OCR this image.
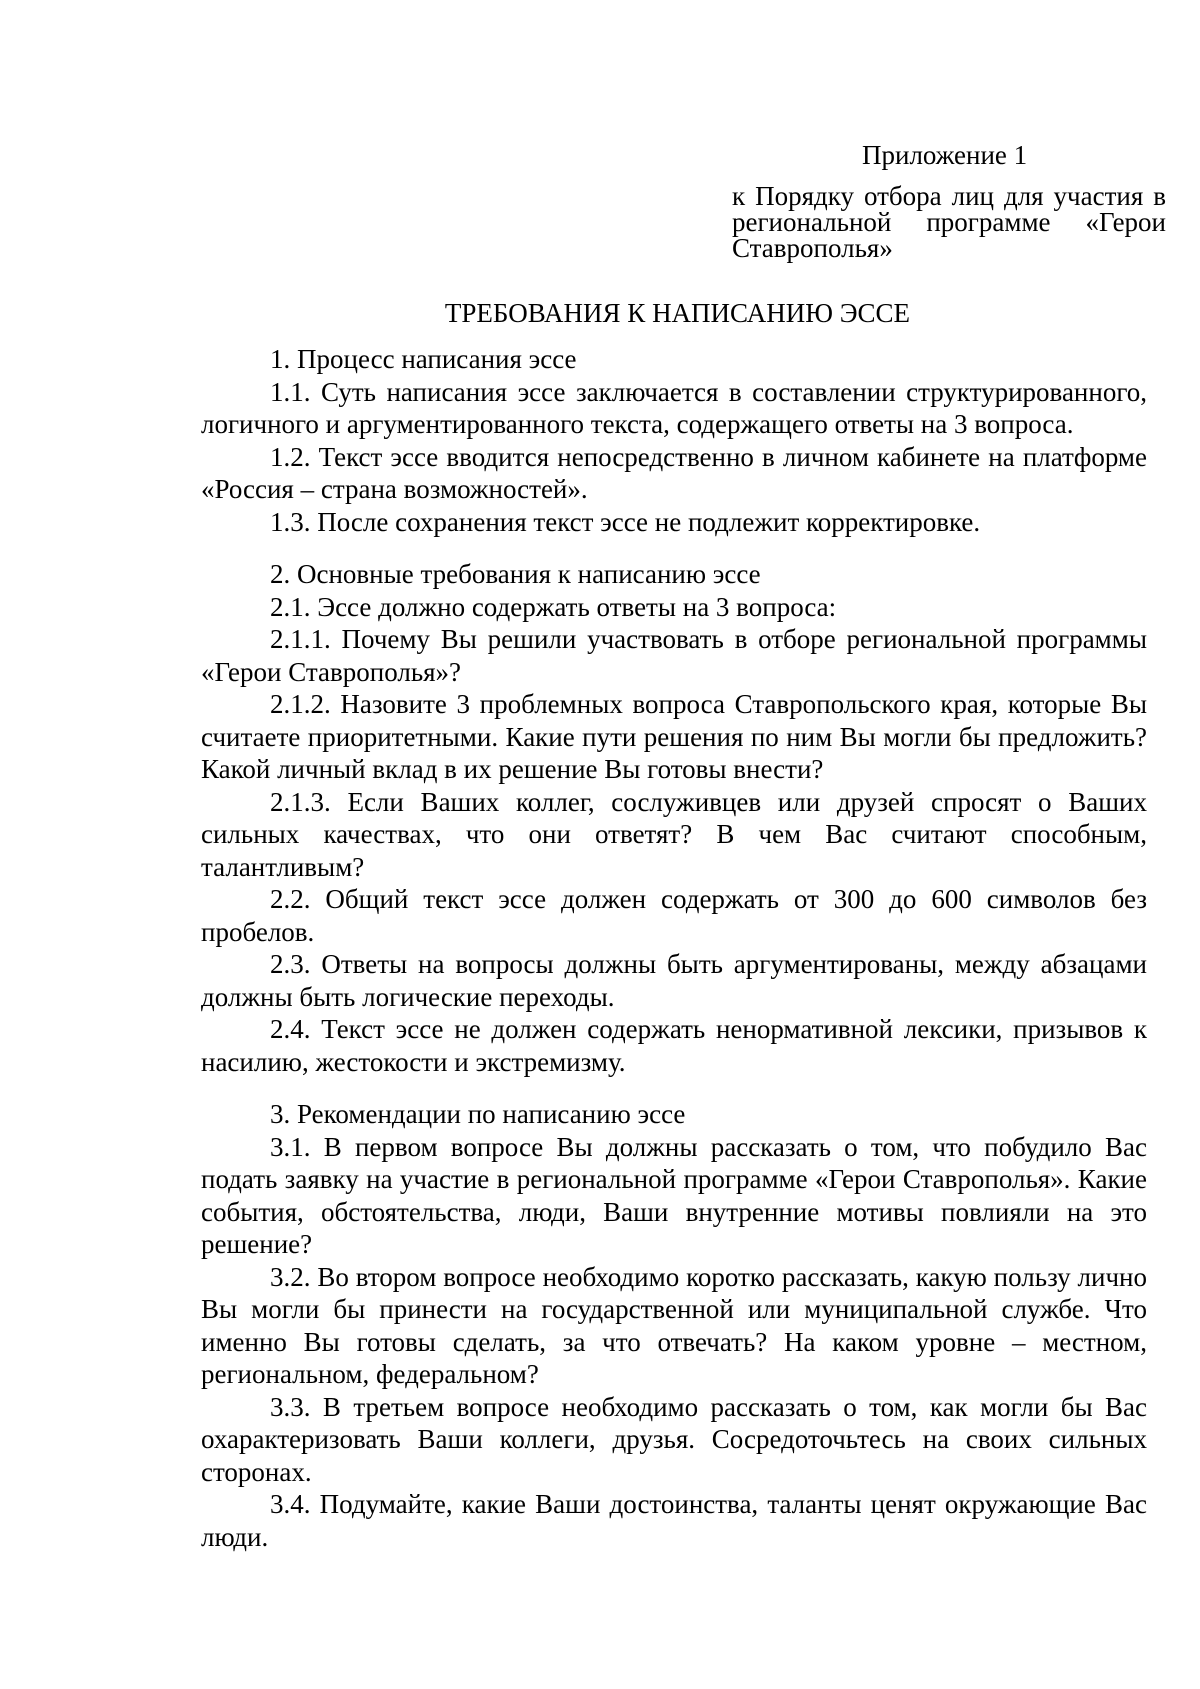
Приложение 1
к Порядку отбора лиц для участия в региональной программе «Герои Ставрополья»
ТРЕБОВАНИЯ К НАПИСАНИЮ ЭССЕ

1. Процесс написания эссе

1.1. Суть написания эссе заключается в составлении структурированного, логичного и аргументированного текста, содержащего ответы на 3 вопроса.

1.2. Текст эссе вводится непосредственно в личном кабинете на платформе «Россия – страна возможностей».

1.3. После сохранения текст эссе не подлежит корректировке.

2. Основные требования к написанию эссе

2.1. Эссе должно содержать ответы на 3 вопроса:

2.1.1. Почему Вы решили участвовать в отборе региональной программы «Герои Ставрополья»?

2.1.2. Назовите 3 проблемных вопроса Ставропольского края, которые Вы считаете приоритетными. Какие пути решения по ним Вы могли бы предложить? Какой личный вклад в их решение Вы готовы внести?

2.1.3. Если Ваших коллег, сослуживцев или друзей спросят о Ваших сильных качествах, что они ответят? В чем Вас считают способным, талантливым?

2.2. Общий текст эссе должен содержать от 300 до 600 символов без пробелов.

2.3. Ответы на вопросы должны быть аргументированы, между абзацами должны быть логические переходы.

2.4. Текст эссе не должен содержать ненормативной лексики, призывов к насилию, жестокости и экстремизму.

3. Рекомендации по написанию эссе

3.1. В первом вопросе Вы должны рассказать о том, что побудило Вас подать заявку на участие в региональной программе «Герои Ставрополья». Какие события, обстоятельства, люди, Ваши внутренние мотивы повлияли на это решение?

3.2. Во втором вопросе необходимо коротко рассказать, какую пользу лично Вы могли бы принести на государственной или муниципальной службе. Что именно Вы готовы сделать, за что отвечать? На каком уровне – местном, региональном, федеральном?

3.3. В третьем вопросе необходимо рассказать о том, как могли бы Вас охарактеризовать Ваши коллеги, друзья. Сосредоточьтесь на своих сильных сторонах.

3.4. Подумайте, какие Ваши достоинства, таланты ценят окружающие Вас люди.
